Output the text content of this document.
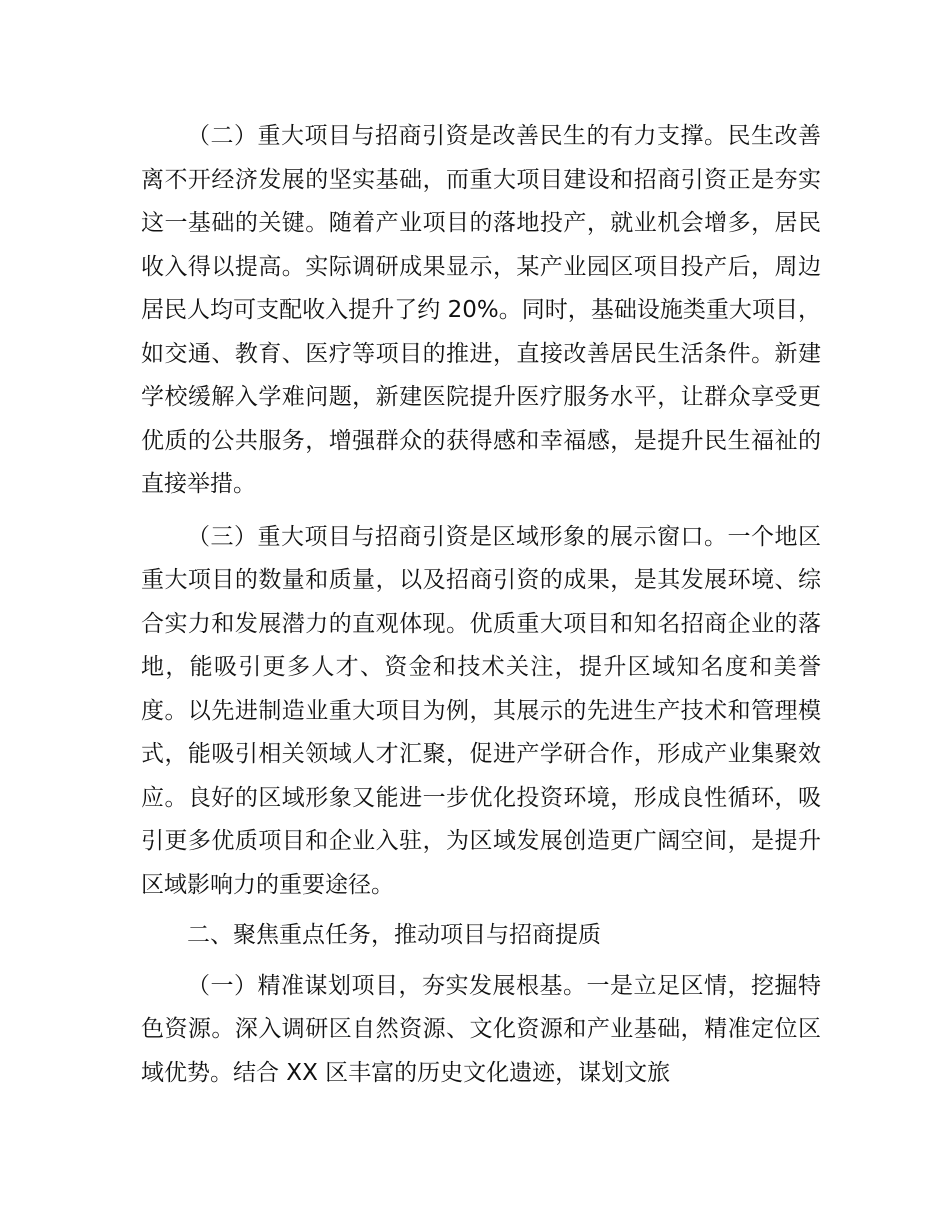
（二）重大项目与招商引资是改善民生的有力支撑。民生改善离不开经济发展的坚实基础，而重大项目建设和招商引资正是夯实这一基础的关键。随着产业项目的落地投产，就业机会增多，居民收入得以提高。实际调研成果显示，某产业园区项目投产后，周边居民人均可支配收入提升了约 20%。同时，基础设施类重大项目，如交通、教育、医疗等项目的推进，直接改善居民生活条件。新建学校缓解入学难问题，新建医院提升医疗服务水平，让群众享受更优质的公共服务，增强群众的获得感和幸福感，是提升民生福祉的直接举措。

（三）重大项目与招商引资是区域形象的展示窗口。一个地区重大项目的数量和质量，以及招商引资的成果，是其发展环境、综合实力和发展潜力的直观体现。优质重大项目和知名招商企业的落地，能吸引更多人才、资金和技术关注，提升区域知名度和美誉度。以先进制造业重大项目为例，其展示的先进生产技术和管理模式，能吸引相关领域人才汇聚，促进产学研合作，形成产业集聚效应。良好的区域形象又能进一步优化投资环境，形成良性循环，吸引更多优质项目和企业入驻，为区域发展创造更广阔空间，是提升区域影响力的重要途径。

二、聚焦重点任务，推动项目与招商提质

（一）精准谋划项目，夯实发展根基。一是立足区情，挖掘特色资源。深入调研区自然资源、文化资源和产业基础，精准定位区域优势。结合 XX 区丰富的历史文化遗迹，谋划文旅
